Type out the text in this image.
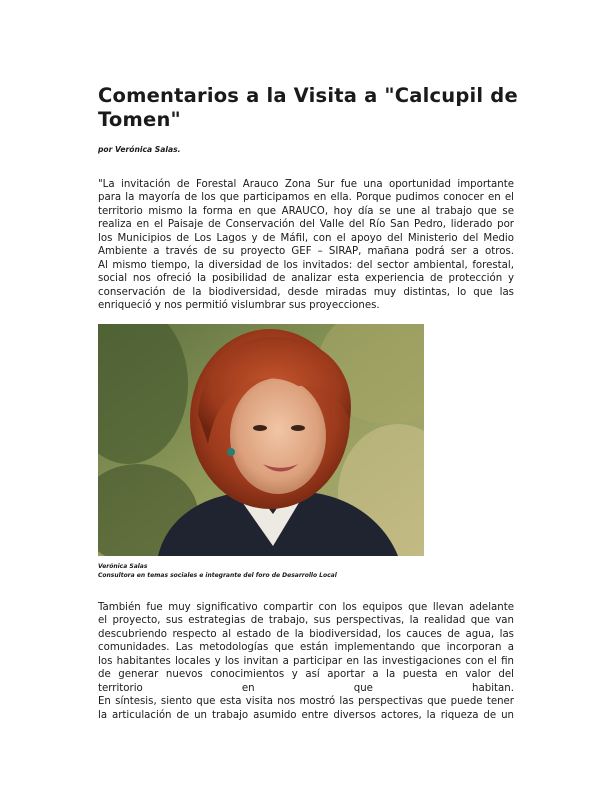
Comentarios a la Visita a "Calcupil de Tomen"
por Verónica Salas.
"La invitación de Forestal Arauco Zona Sur fue una oportunidad importante
para la mayoría de los que participamos en ella. Porque pudimos conocer en el
territorio mismo la forma en que ARAUCO, hoy día se une al trabajo que se
realiza en el Paisaje de Conservación del Valle del Río San Pedro, liderado por
los Municipios de Los Lagos y de Máfil, con el apoyo del Ministerio del Medio
Ambiente a través de su proyecto GEF – SIRAP, mañana podrá ser a otros.
Al mismo tiempo, la diversidad de los invitados: del sector ambiental, forestal,
social nos ofreció la posibilidad de analizar esta experiencia de protección y
conservación de la biodiversidad, desde miradas muy distintas, lo que las
enriqueció y nos permitió vislumbrar sus proyecciones.
Verónica Salas
Consultora en temas sociales e integrante del foro de Desarrollo Local
También fue muy significativo compartir con los equipos que llevan adelante
el proyecto, sus estrategias de trabajo, sus perspectivas, la realidad que van
descubriendo respecto al estado de la biodiversidad, los cauces de agua, las
comunidades. Las metodologías que están implementando que incorporan a
los habitantes locales y los invitan a participar en las investigaciones con el fin
de generar nuevos conocimientos y así aportar a la puesta en valor del
territorio en que habitan.
En síntesis, siento que esta visita nos mostró las perspectivas que puede tener
la articulación de un trabajo asumido entre diversos actores, la riqueza de un
